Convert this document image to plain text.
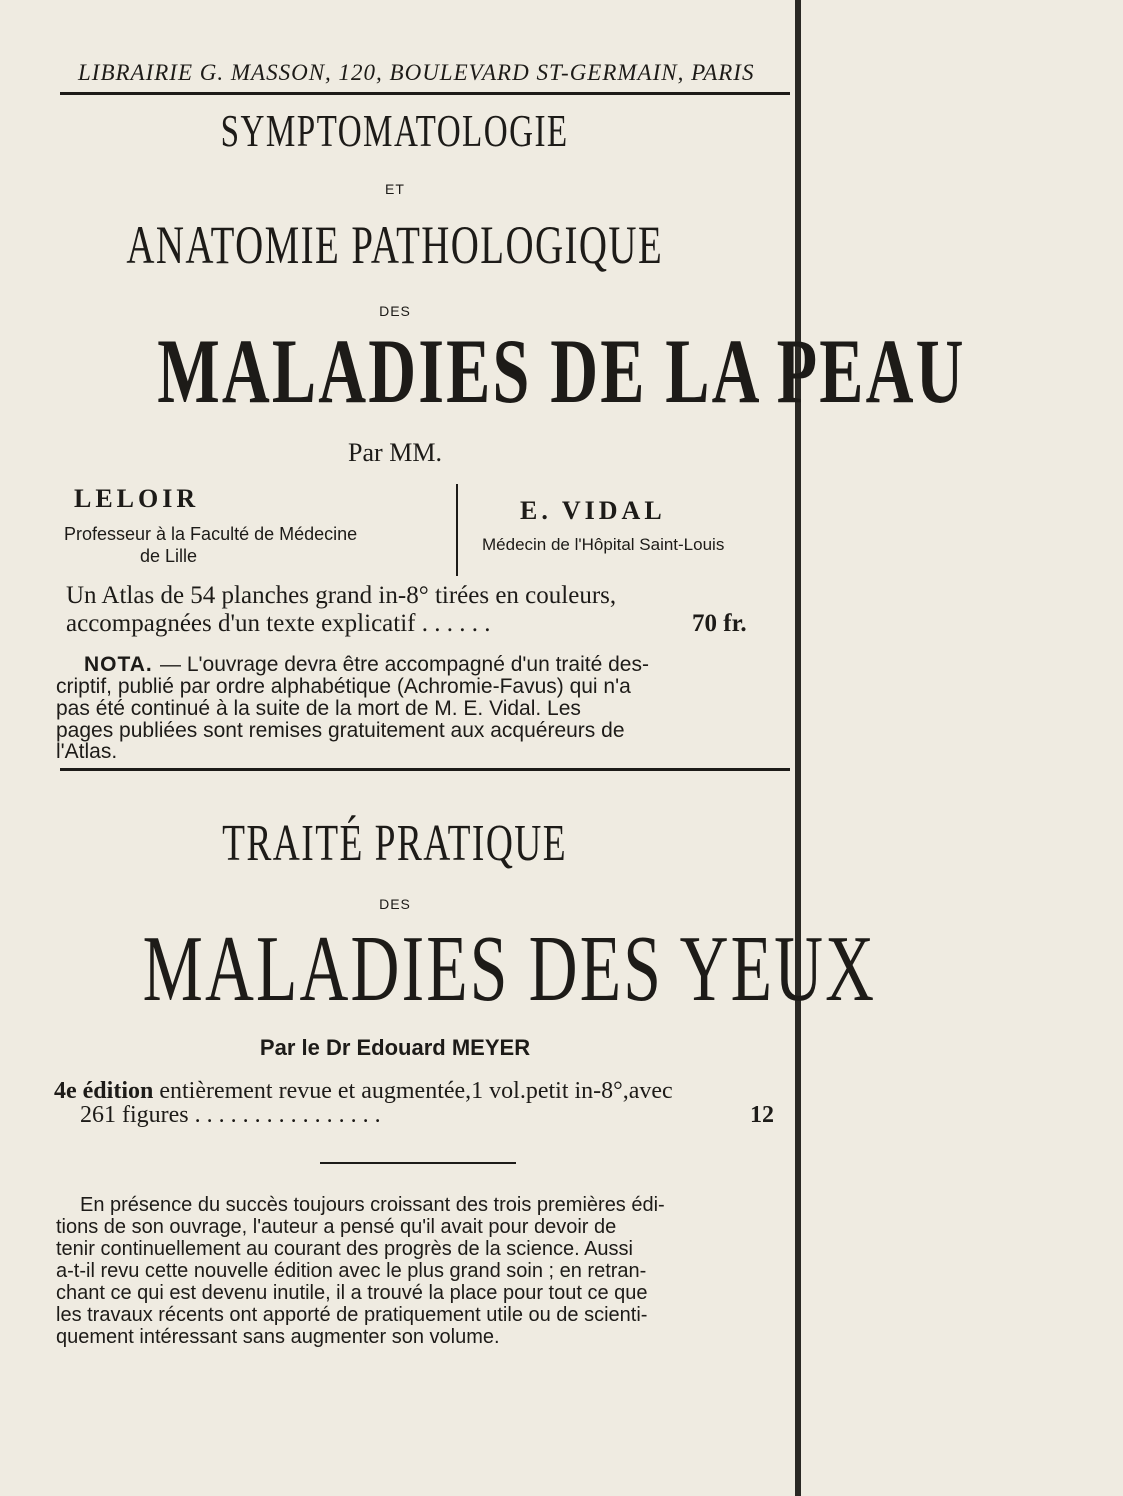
LIBRAIRIE G. MASSON, 120, BOULEVARD ST-GERMAIN, PARIS
SYMPTOMATOLOGIE
ET
ANATOMIE PATHOLOGIQUE
DES
MALADIES DE LA PEAU
Par MM.
LELOIR
Professeur à la Faculté de Médecine
de Lille
E. VIDAL
Médecin de l'Hôpital Saint-Louis
Un Atlas de 54 planches grand in-8° tirées en couleurs,
accompagnées d'un texte explicatif . . . . . .	70 fr.
NOTA. — L'ouvrage devra être accompagné d'un traité des-
criptif, publié par ordre alphabétique (Achromie-Favus) qui n'a
pas été continué à la suite de la mort de M. E. Vidal. Les
pages publiées sont remises gratuitement aux acquéreurs de
l'Atlas.
TRAITÉ PRATIQUE
DES
MALADIES DES YEUX
Par le Dr Edouard MEYER
4e édition entièrement revue et augmentée,1 vol.petit in-8°,avec
261 figures . . . . . . . . . . . . . . . .	12
En présence du succès toujours croissant des trois premières édi-
tions de son ouvrage, l'auteur a pensé qu'il avait pour devoir de
tenir continuellement au courant des progrès de la science. Aussi
a-t-il revu cette nouvelle édition avec le plus grand soin ; en retran-
chant ce qui est devenu inutile, il a trouvé la place pour tout ce que
les travaux récents ont apporté de pratiquement utile ou de scienti-
quement intéressant sans augmenter son volume.
